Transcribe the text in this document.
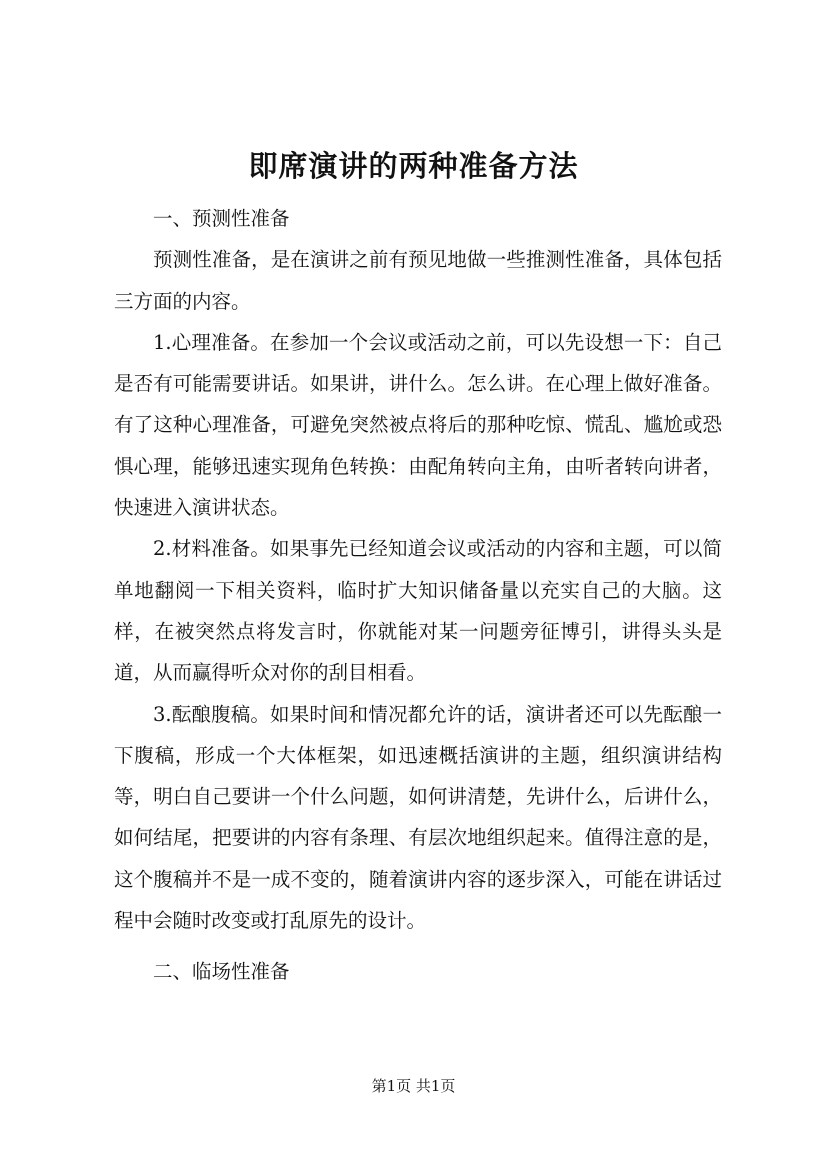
即席演讲的两种准备方法

一、预测性准备

预测性准备，是在演讲之前有预见地做一些推测性准备，具体包括三方面的内容。

1.心理准备。在参加一个会议或活动之前，可以先设想一下：自己是否有可能需要讲话。如果讲，讲什么。怎么讲。在心理上做好准备。有了这种心理准备，可避免突然被点将后的那种吃惊、慌乱、尴尬或恐惧心理，能够迅速实现角色转换：由配角转向主角，由听者转向讲者，快速进入演讲状态。

2.材料准备。如果事先已经知道会议或活动的内容和主题，可以简单地翻阅一下相关资料，临时扩大知识储备量以充实自己的大脑。这样，在被突然点将发言时，你就能对某一问题旁征博引，讲得头头是道，从而赢得听众对你的刮目相看。

3.酝酿腹稿。如果时间和情况都允许的话，演讲者还可以先酝酿一下腹稿，形成一个大体框架，如迅速概括演讲的主题，组织演讲结构等，明白自己要讲一个什么问题，如何讲清楚，先讲什么，后讲什么，如何结尾，把要讲的内容有条理、有层次地组织起来。值得注意的是，这个腹稿并不是一成不变的，随着演讲内容的逐步深入，可能在讲话过程中会随时改变或打乱原先的设计。

二、临场性准备

第1页 共1页
